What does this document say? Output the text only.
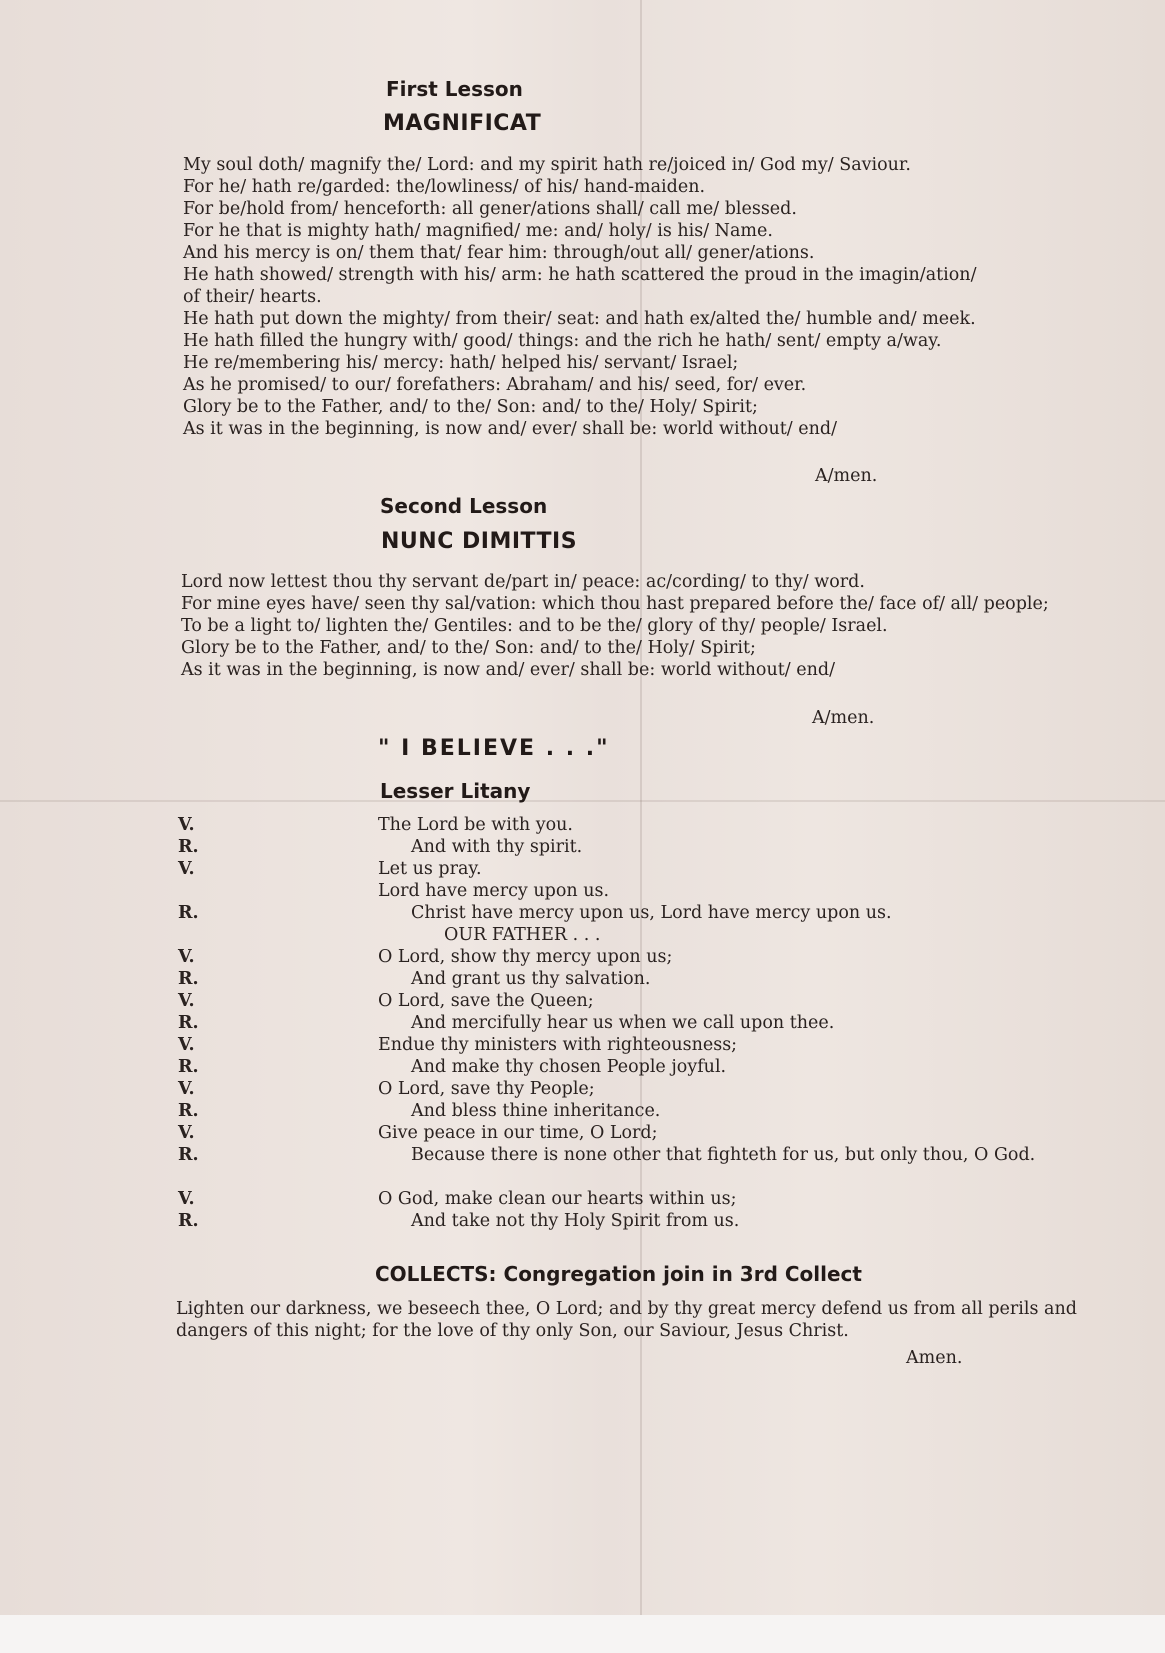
First Lesson
MAGNIFICAT
My soul doth/ magnify the/ Lord: and my spirit hath re/joiced in/ God my/ Saviour.
For he/ hath re/garded: the/lowliness/ of his/ hand-maiden.
For be/hold from/ henceforth: all gener/ations shall/ call me/ blessed.
For he that is mighty hath/ magnified/ me: and/ holy/ is his/ Name.
And his mercy is on/ them that/ fear him: through/out all/ gener/ations.
He hath showed/ strength with his/ arm: he hath scattered the proud in the imagin/ation/ of their/ hearts.
He hath put down the mighty/ from their/ seat: and hath ex/alted the/ humble and/ meek.
He hath filled the hungry with/ good/ things: and the rich he hath/ sent/ empty a/way.
He re/membering his/ mercy: hath/ helped his/ servant/ Israel;
As he promised/ to our/ forefathers: Abraham/ and his/ seed, for/ ever.
Glory be to the Father, and/ to the/ Son: and/ to the/ Holy/ Spirit;
As it was in the beginning, is now and/ ever/ shall be: world without/ end/
A/men.
Second Lesson
NUNC DIMITTIS
Lord now lettest thou thy servant de/part in/ peace: ac/cording/ to thy/ word.
For mine eyes have/ seen thy sal/vation: which thou hast prepared before the/ face of/ all/ people;
To be a light to/ lighten the/ Gentiles: and to be the/ glory of thy/ people/ Israel.
Glory be to the Father, and/ to the/ Son: and/ to the/ Holy/ Spirit;
As it was in the beginning, is now and/ ever/ shall be: world without/ end/
A/men.
" I BELIEVE . . ."
Lesser Litany
V.	The Lord be with you.
R.	And with thy spirit.
V.	Let us pray.
Lord have mercy upon us.
R.	Christ have mercy upon us, Lord have mercy upon us.
OUR FATHER . . .
V.	O Lord, show thy mercy upon us;
R.	And grant us thy salvation.
V.	O Lord, save the Queen;
R.	And mercifully hear us when we call upon thee.
V.	Endue thy ministers with righteousness;
R.	And make thy chosen People joyful.
V.	O Lord, save thy People;
R.	And bless thine inheritance.
V.	Give peace in our time, O Lord;
R.	Because there is none other that fighteth for us, but only thou, O God.
V.	O God, make clean our hearts within us;
R.	And take not thy Holy Spirit from us.
COLLECTS: Congregation join in 3rd Collect
Lighten our darkness, we beseech thee, O Lord; and by thy great mercy defend us from all perils and dangers of this night; for the love of thy only Son, our Saviour, Jesus Christ.
Amen.
